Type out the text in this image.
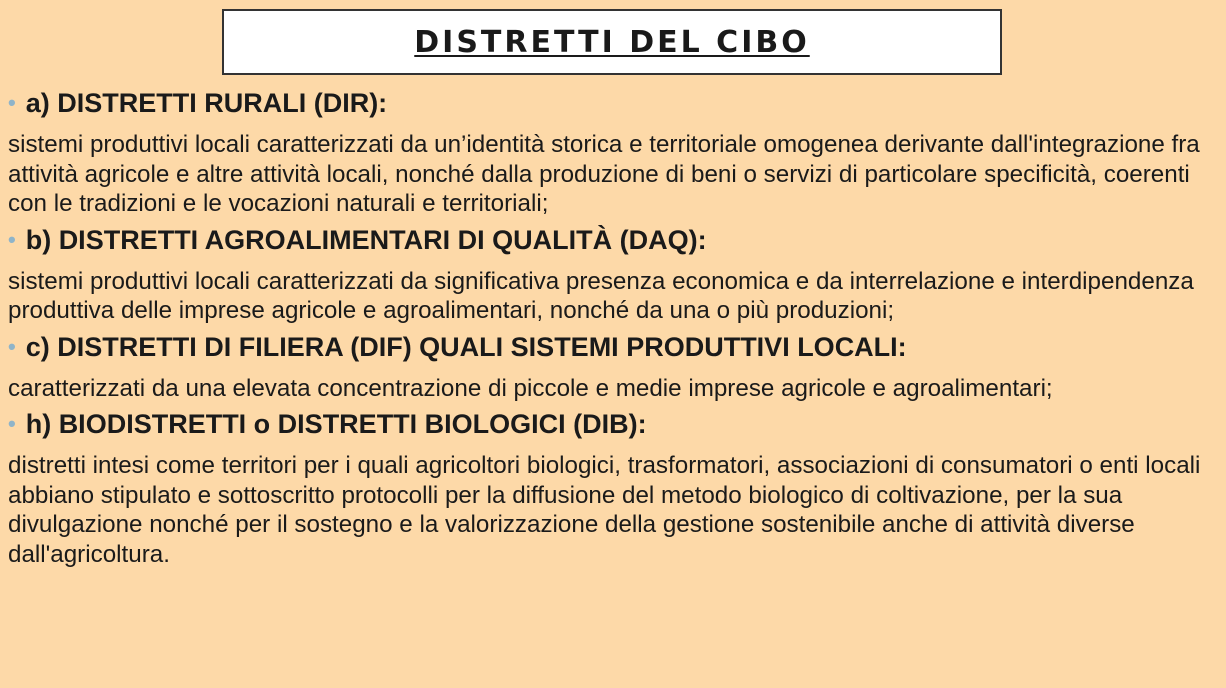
DISTRETTI DEL CIBO
• a) DISTRETTI RURALI (DIR):
sistemi produttivi locali caratterizzati da un’identità storica e territoriale omogenea derivante dall'integrazione fra attività agricole e altre attività locali, nonché dalla produzione di beni o servizi di particolare specificità, coerenti con le tradizioni e le vocazioni naturali e territoriali;
• b) DISTRETTI AGROALIMENTARI DI QUALITÀ (DAQ):
sistemi produttivi locali caratterizzati da significativa presenza economica e da interrelazione e interdipendenza produttiva delle imprese agricole e agroalimentari, nonché da una o più produzioni;
• c) DISTRETTI DI FILIERA (DIF) QUALI SISTEMI PRODUTTIVI LOCALI:
caratterizzati da una elevata concentrazione di piccole e medie imprese agricole e agroalimentari;
• h) BIODISTRETTI o DISTRETTI BIOLOGICI (DIB):
distretti intesi come territori per i quali agricoltori biologici, trasformatori, associazioni di consumatori o enti locali abbiano stipulato e sottoscritto protocolli per la diffusione del metodo biologico di coltivazione, per la sua divulgazione nonché per il sostegno e la valorizzazione della gestione sostenibile anche di attività diverse dall'agricoltura.
